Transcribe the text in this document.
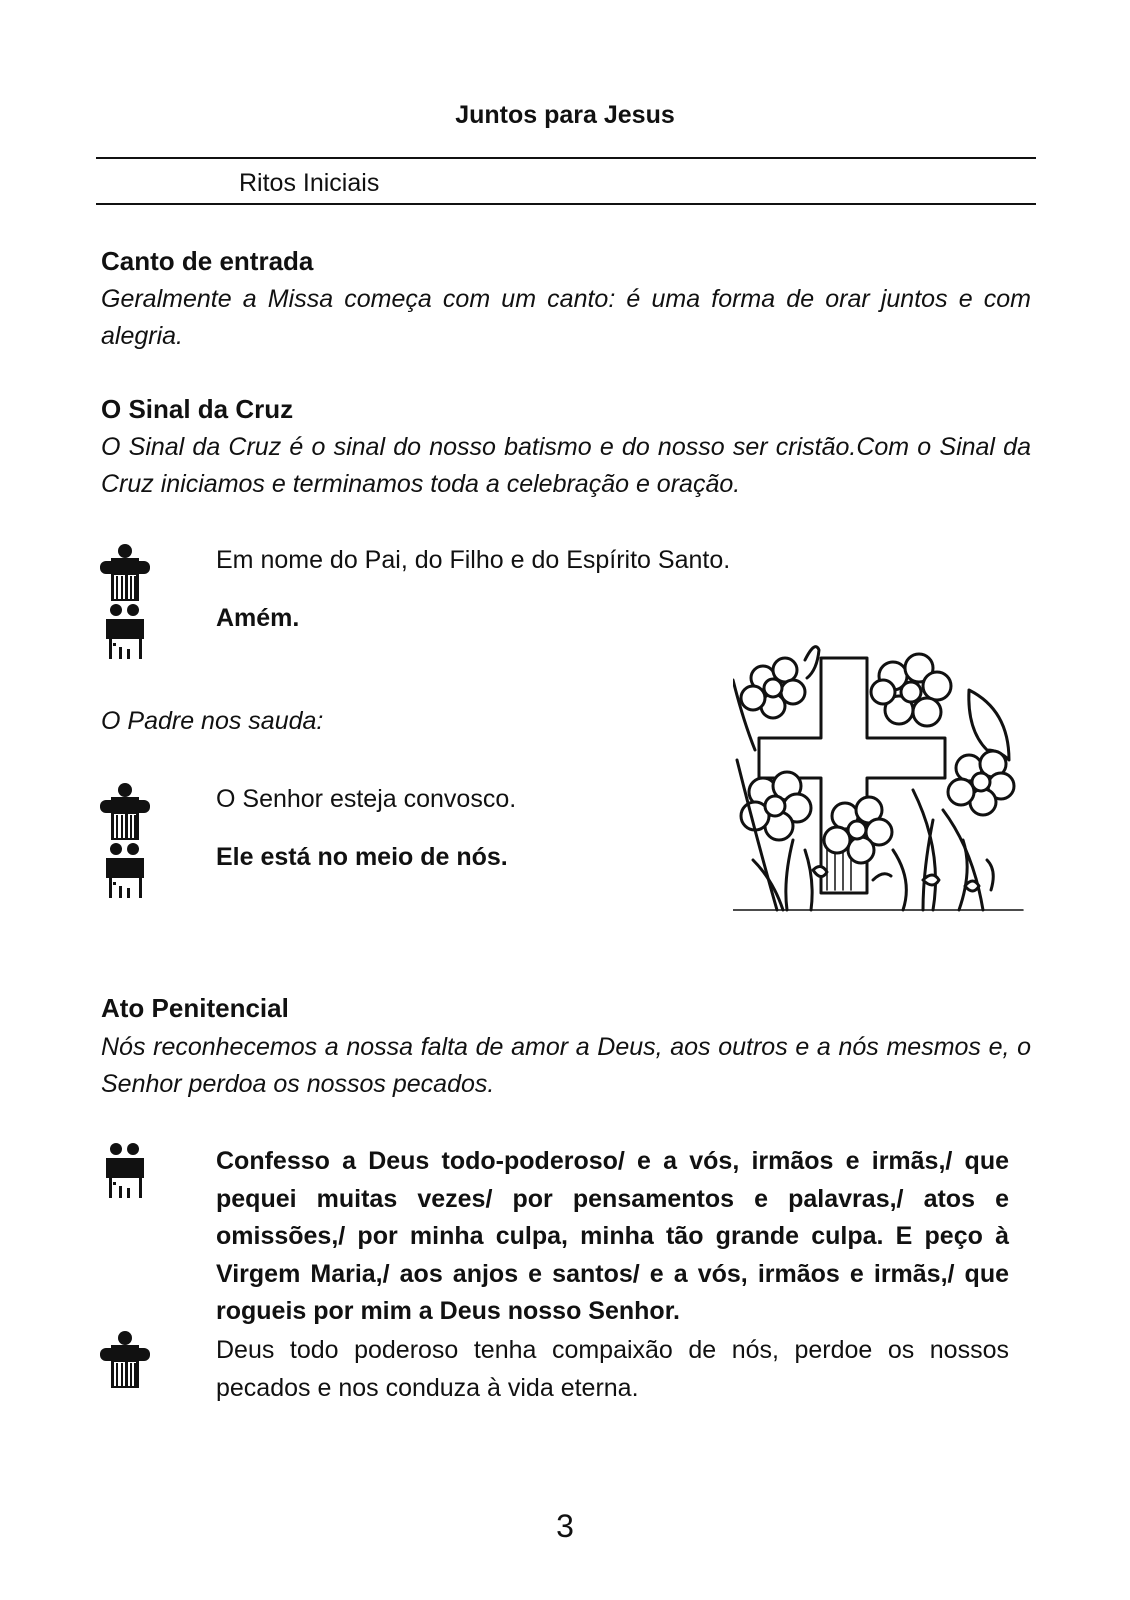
Juntos para Jesus
Ritos Iniciais
Canto de entrada
Geralmente a Missa começa com um canto: é uma forma de orar juntos e com alegria.
O Sinal da Cruz
O Sinal da Cruz é o sinal do nosso batismo e do nosso ser cristão.Com o Sinal da Cruz iniciamos e terminamos toda a celebração e oração.
Em nome do Pai, do Filho e do Espírito Santo.
Amém.
O Padre nos sauda:
O Senhor esteja convosco.
Ele está no meio de nós.
Ato Penitencial
Nós reconhecemos a nossa falta de amor a Deus, aos outros e a nós mesmos e, o Senhor perdoa os nossos pecados.
Confesso a Deus todo-poderoso/ e a vós, irmãos e irmãs,/ que pequei muitas vezes/ por pensamentos e palavras,/ atos e omissões,/ por minha culpa, minha tão grande culpa. E peço à Virgem Maria,/ aos anjos e santos/ e a vós, irmãos e irmãs,/ que rogueis por mim a Deus nosso Senhor.
Deus todo poderoso tenha compaixão de nós, perdoe os nossos pecados e nos conduza à vida eterna.
3
